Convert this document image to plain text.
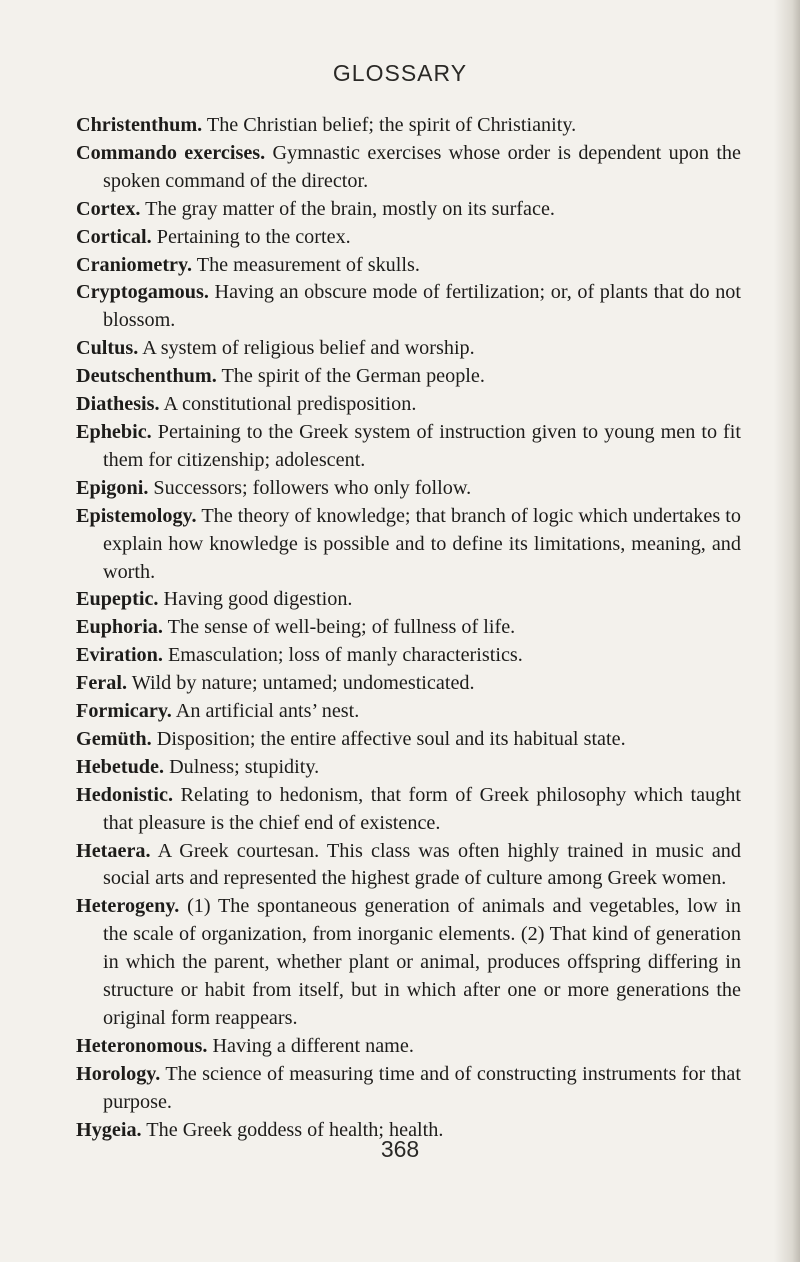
GLOSSARY

Christenthum. The Christian belief; the spirit of Christianity.

Commando exercises. Gymnastic exercises whose order is dependent upon the spoken command of the director.

Cortex. The gray matter of the brain, mostly on its surface.

Cortical. Pertaining to the cortex.

Craniometry. The measurement of skulls.

Cryptogamous. Having an obscure mode of fertilization; or, of plants that do not blossom.

Cultus. A system of religious belief and worship.

Deutschenthum. The spirit of the German people.

Diathesis. A constitutional predisposition.

Ephebic. Pertaining to the Greek system of instruction given to young men to fit them for citizenship; adolescent.

Epigoni. Successors; followers who only follow.

Epistemology. The theory of knowledge; that branch of logic which undertakes to explain how knowledge is possible and to define its limitations, meaning, and worth.

Eupeptic. Having good digestion.

Euphoria. The sense of well-being; of fullness of life.

Eviration. Emasculation; loss of manly characteristics.

Feral. Wild by nature; untamed; undomesticated.

Formicary. An artificial ants’ nest.

Gemüth. Disposition; the entire affective soul and its habitual state.

Hebetude. Dulness; stupidity.

Hedonistic. Relating to hedonism, that form of Greek philosophy which taught that pleasure is the chief end of existence.

Hetaera. A Greek courtesan. This class was often highly trained in music and social arts and represented the highest grade of culture among Greek women.

Heterogeny. (1) The spontaneous generation of animals and vegetables, low in the scale of organization, from inorganic elements. (2) That kind of generation in which the parent, whether plant or animal, produces offspring differing in structure or habit from itself, but in which after one or more generations the original form reappears.

Heteronomous. Having a different name.

Horology. The science of measuring time and of constructing instruments for that purpose.

Hygeia. The Greek goddess of health; health.

368
